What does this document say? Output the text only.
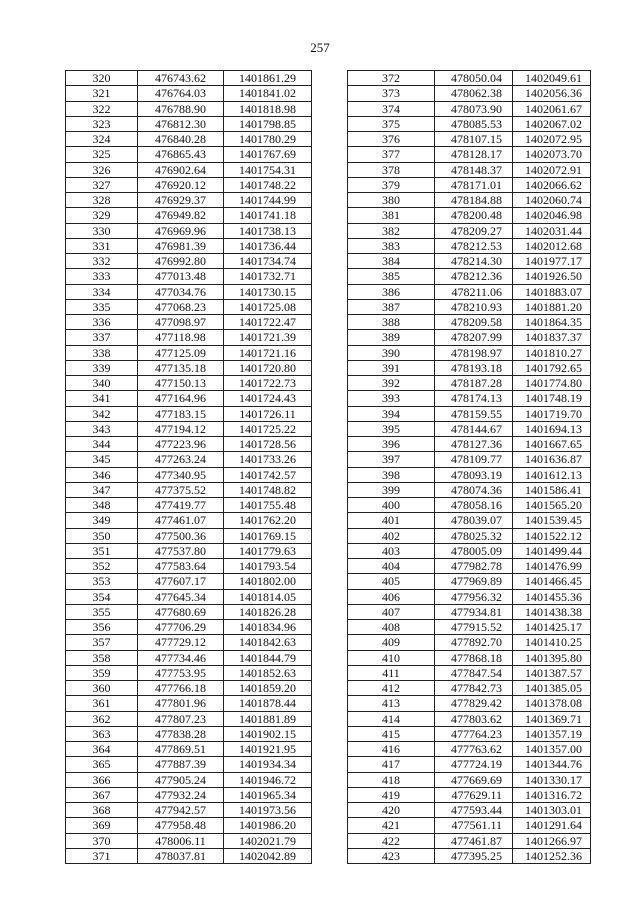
257
320	476743.62	1401861.29
321	476764.03	1401841.02
322	476788.90	1401818.98
323	476812.30	1401798.85
324	476840.28	1401780.29
325	476865.43	1401767.69
326	476902.64	1401754.31
327	476920.12	1401748.22
328	476929.37	1401744.99
329	476949.82	1401741.18
330	476969.96	1401738.13
331	476981.39	1401736.44
332	476992.80	1401734.74
333	477013.48	1401732.71
334	477034.76	1401730.15
335	477068.23	1401725.08
336	477098.97	1401722.47
337	477118.98	1401721.39
338	477125.09	1401721.16
339	477135.18	1401720.80
340	477150.13	1401722.73
341	477164.96	1401724.43
342	477183.15	1401726.11
343	477194.12	1401725.22
344	477223.96	1401728.56
345	477263.24	1401733.26
346	477340.95	1401742.57
347	477375.52	1401748.82
348	477419.77	1401755.48
349	477461.07	1401762.20
350	477500.36	1401769.15
351	477537.80	1401779.63
352	477583.64	1401793.54
353	477607.17	1401802.00
354	477645.34	1401814.05
355	477680.69	1401826.28
356	477706.29	1401834.96
357	477729.12	1401842.63
358	477734.46	1401844.79
359	477753.95	1401852.63
360	477766.18	1401859.20
361	477801.96	1401878.44
362	477807.23	1401881.89
363	477838.28	1401902.15
364	477869.51	1401921.95
365	477887.39	1401934.34
366	477905.24	1401946.72
367	477932.24	1401965.34
368	477942.57	1401973.56
369	477958.48	1401986.20
370	478006.11	1402021.79
371	478037.81	1402042.89
372	478050.04	1402049.61
373	478062.38	1402056.36
374	478073.90	1402061.67
375	478085.53	1402067.02
376	478107.15	1402072.95
377	478128.17	1402073.70
378	478148.37	1402072.91
379	478171.01	1402066.62
380	478184.88	1402060.74
381	478200.48	1402046.98
382	478209.27	1402031.44
383	478212.53	1402012.68
384	478214.30	1401977.17
385	478212.36	1401926.50
386	478211.06	1401883.07
387	478210.93	1401881.20
388	478209.58	1401864.35
389	478207.99	1401837.37
390	478198.97	1401810.27
391	478193.18	1401792.65
392	478187.28	1401774.80
393	478174.13	1401748.19
394	478159.55	1401719.70
395	478144.67	1401694.13
396	478127.36	1401667.65
397	478109.77	1401636.87
398	478093.19	1401612.13
399	478074.36	1401586.41
400	478058.16	1401565.20
401	478039.07	1401539.45
402	478025.32	1401522.12
403	478005.09	1401499.44
404	477982.78	1401476.99
405	477969.89	1401466.45
406	477956.32	1401455.36
407	477934.81	1401438.38
408	477915.52	1401425.17
409	477892.70	1401410.25
410	477868.18	1401395.80
411	477847.54	1401387.57
412	477842.73	1401385.05
413	477829.42	1401378.08
414	477803.62	1401369.71
415	477764.23	1401357.19
416	477763.62	1401357.00
417	477724.19	1401344.76
418	477669.69	1401330.17
419	477629.11	1401316.72
420	477593.44	1401303.01
421	477561.11	1401291.64
422	477461.87	1401266.97
423	477395.25	1401252.36
